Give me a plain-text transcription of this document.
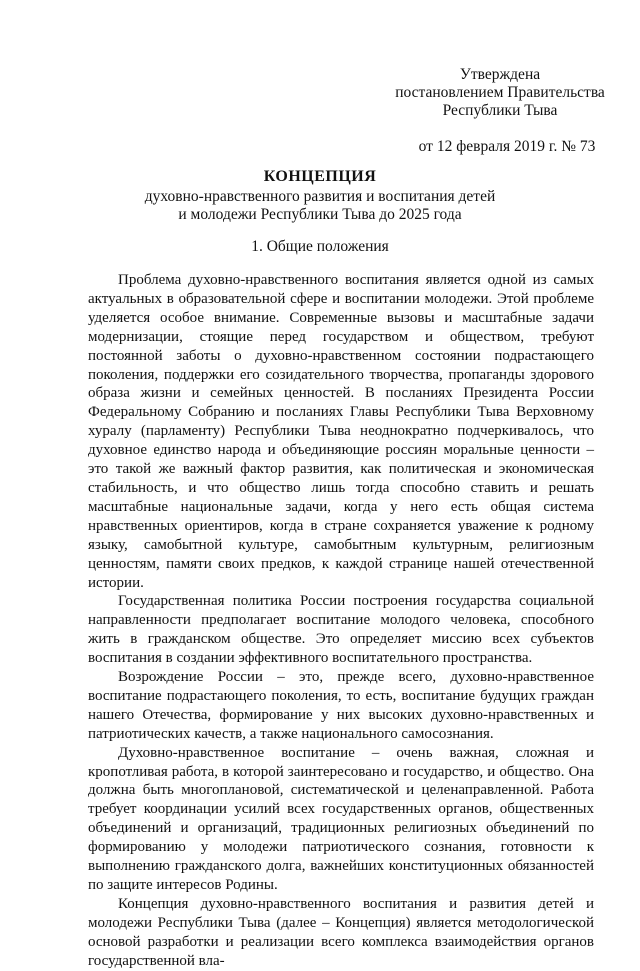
Утверждена
постановлением Правительства
Республики Тыва
от 12 февраля 2019 г. № 73
КОНЦЕПЦИЯ
духовно-нравственного развития и воспитания детей
и молодежи Республики Тыва до 2025 года
1. Общие положения

Проблема духовно-нравственного воспитания является одной из самых актуальных в образовательной сфере и воспитании молодежи. Этой проблеме уделяется особое внимание. Современные вызовы и масштабные задачи модернизации, стоящие перед государством и обществом, требуют постоянной заботы о духовно-нравственном состоянии подрастающего поколения, поддержки его созидательного творчества, пропаганды здорового образа жизни и семейных ценностей. В посланиях Президента России Федеральному Собранию и посланиях Главы Республики Тыва Верховному хуралу (парламенту) Республики Тыва неоднократно подчеркивалось, что духовное единство народа и объединяющие россиян моральные ценности – это такой же важный фактор развития, как политическая и экономическая стабильность, и что общество лишь тогда способно ставить и решать масштабные национальные задачи, когда у него есть общая система нравственных ориентиров, когда в стране сохраняется уважение к родному языку, самобытной культуре, самобытным культурным, религиозным ценностям, памяти своих предков, к каждой странице нашей отечественной истории.

Государственная политика России построения государства социальной направленности предполагает воспитание молодого человека, способного жить в гражданском обществе. Это определяет миссию всех субъектов воспитания в создании эффективного воспитательного пространства.

Возрождение России – это, прежде всего, духовно-нравственное воспитание подрастающего поколения, то есть, воспитание будущих граждан нашего Отечества, формирование у них высоких духовно-нравственных и патриотических качеств, а также национального самосознания.

Духовно-нравственное воспитание – очень важная, сложная и кропотливая работа, в которой заинтересовано и государство, и общество. Она должна быть многоплановой, систематической и целенаправленной. Работа требует координации усилий всех государственных органов, общественных объединений и организаций, традиционных религиозных объединений по формированию у молодежи патриотического сознания, готовности к выполнению гражданского долга, важнейших конституционных обязанностей по защите интересов Родины.

Концепция духовно-нравственного воспитания и развития детей и молодежи Республики Тыва (далее – Концепция) является методологической основой разработки и реализации всего комплекса взаимодействия органов государственной вла-
